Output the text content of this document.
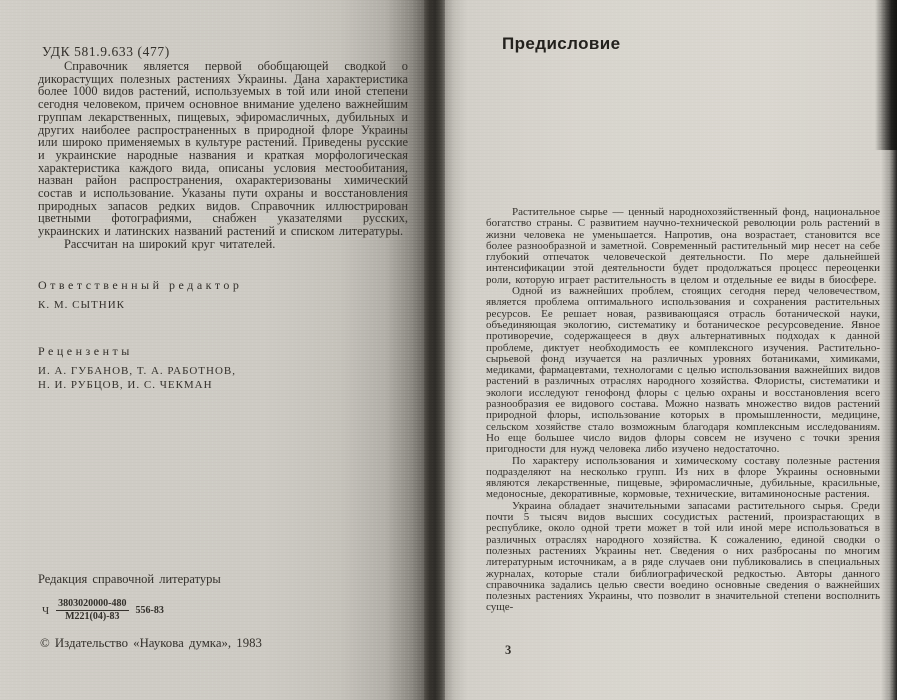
УДК 581.9.633 (477)

Справочник является первой обобщающей сводкой о дикорастущих полезных растениях Украины. Дана характеристика более 1000 видов растений, используемых в той или иной степени сегодня человеком, причем основное внимание уделено важнейшим группам лекарственных, пищевых, эфиромасличных, дубильных и других наиболее распространенных в природной флоре Украины или широко применяемых в культуре растений. Приведены русские и украинские народные названия и краткая морфологическая характеристика каждого вида, описаны условия местообитания, назван район распространения, охарактеризованы химический состав и использование. Указаны пути охраны и восстановления природных запасов редких видов. Справочник иллюстрирован цветными фотографиями, снабжен указателями русских, украинских и латинских названий растений и списком литературы.

Рассчитан на широкий круг читателей.

Ответственный редактор
К. М. СЫТНИК
Рецензенты
И. А. ГУБАНОВ, Т. А. РАБОТНОВ,
Н. И. РУБЦОВ, И. С. ЧЕКМАН
Редакция справочной литературы
Ч $\frac{3803020000-480}{М221(04)-83} 556-83$
© Издательство «Наукова думка», 1983
Предисловие

Растительное сырье — ценный народнохозяйственный фонд, национальное богатство страны. С развитием научно-технической революции роль растений в жизни человека не уменьшается. Напротив, она возрастает, становится все более разнообразной и заметной. Современный растительный мир несет на себе глубокий отпечаток человеческой деятельности. По мере дальнейшей интенсификации этой деятельности будет продолжаться процесс переоценки роли, которую играет растительность в целом и отдельные ее виды в биосфере.

Одной из важнейших проблем, стоящих сегодня перед человечеством, является проблема оптимального использования и сохранения растительных ресурсов. Ее решает новая, развивающаяся отрасль ботанической науки, объединяющая экологию, систематику и ботаническое ресурсоведение. Явное противоречие, содержащееся в двух альтернативных подходах к данной проблеме, диктует необходимость ее комплексного изучения. Растительно-сырьевой фонд изучается на различных уровнях ботаниками, химиками, медиками, фармацевтами, технологами с целью использования важнейших видов растений в различных отраслях народного хозяйства. Флористы, систематики и экологи исследуют генофонд флоры с целью охраны и восстановления всего разнообразия ее видового состава. Можно назвать множество видов растений природной флоры, использование которых в промышленности, медицине, сельском хозяйстве стало возможным благодаря комплексным исследованиям. Но еще большее число видов флоры совсем не изучено с точки зрения пригодности для нужд человека либо изучено недостаточно.

По характеру использования и химическому составу полезные растения подразделяют на несколько групп. Из них в флоре Украины основными являются лекарственные, пищевые, эфиромасличные, дубильные, красильные, медоносные, декоративные, кормовые, технические, витаминоносные растения.

Украина обладает значительными запасами растительного сырья. Среди почти 5 тысяч видов высших сосудистых растений, произрастающих в республике, около одной трети может в той или иной мере использоваться в различных отраслях народного хозяйства. К сожалению, единой сводки о полезных растениях Украины нет. Сведения о них разбросаны по многим литературным источникам, а в ряде случаев они публиковались в специальных журналах, которые стали библиографической редкостью. Авторы данного справочника задались целью свести воедино основные сведения о важнейших полезных растениях Украины, что позволит в значительной степени восполнить суще-

3
